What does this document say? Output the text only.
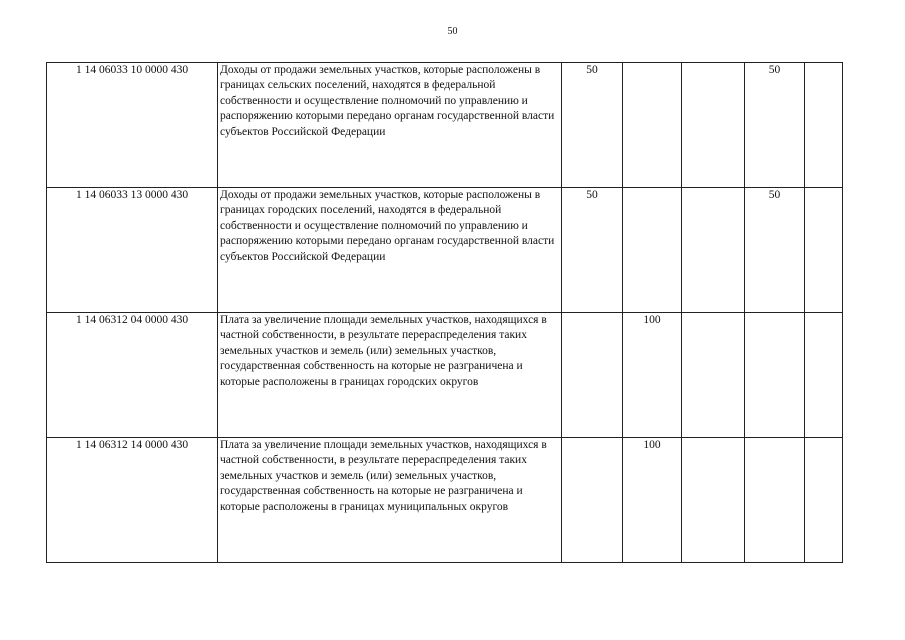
50
1 14 06033 10 0000 430	Доходы от продажи земельных участков, которые расположены в границах сельских поселений, находятся в федеральной собственности и осуществление полномочий по управлению и распоряжению которыми передано органам государственной власти субъектов Российской Федерации	50			50	
1 14 06033 13 0000 430	Доходы от продажи земельных участков, которые расположены в границах городских поселений, находятся в федеральной собственности и осуществление полномочий по управлению и распоряжению которыми передано органам государственной власти субъектов Российской Федерации	50			50	
1 14 06312 04 0000 430	Плата за увеличение площади земельных участков, находящихся в частной собственности, в результате перераспределения таких земельных участков и земель (или) земельных участков, государственная собственность на которые не разграничена и которые расположены в границах городских округов		100			
1 14 06312 14 0000 430	Плата за увеличение площади земельных участков, находящихся в частной собственности, в результате перераспределения таких земельных участков и земель (или) земельных участков, государственная собственность на которые не разграничена и которые расположены в границах муниципальных округов		100			
